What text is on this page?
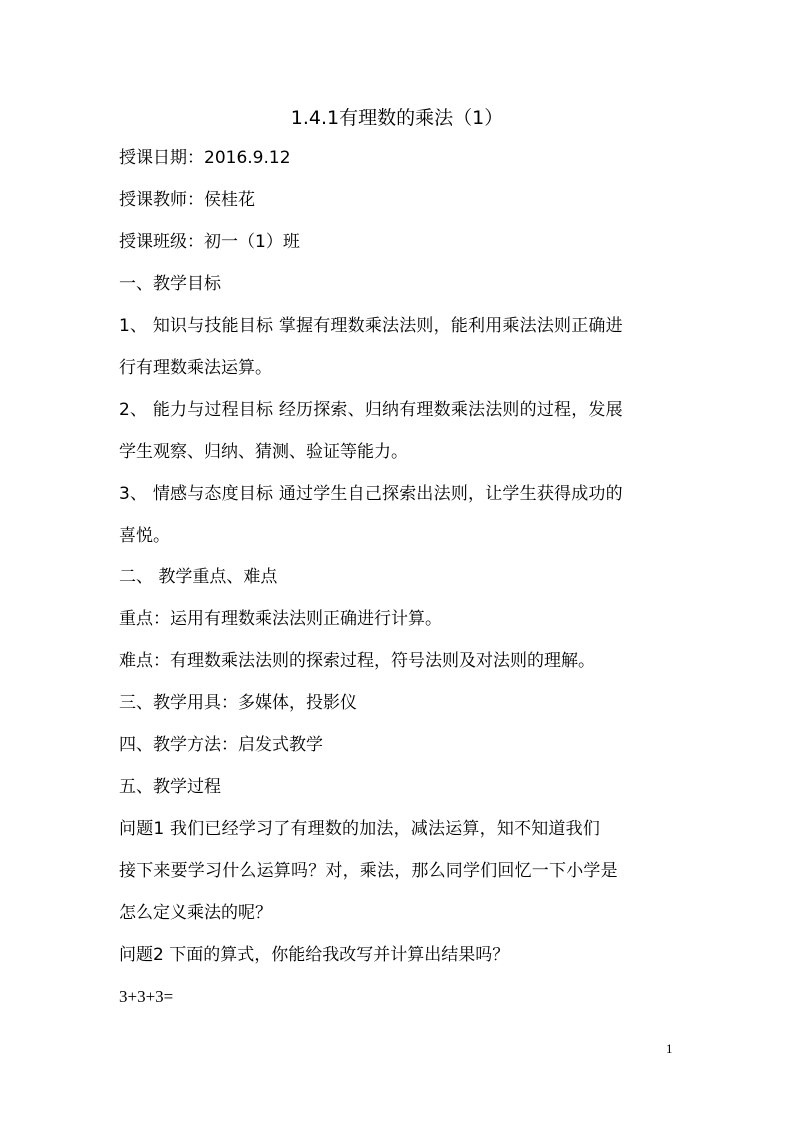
1.4.1有理数的乘法（1）
授课日期：2016.9.12
授课教师：侯桂花
授课班级：初一（1）班
一、教学目标
1、 知识与技能目标 掌握有理数乘法法则，能利用乘法法则正确进
行有理数乘法运算。
2、 能力与过程目标 经历探索、归纳有理数乘法法则的过程，发展
学生观察、归纳、猜测、验证等能力。
3、 情感与态度目标 通过学生自己探索出法则，让学生获得成功的
喜悦。
二、 教学重点、难点
重点：运用有理数乘法法则正确进行计算。
难点：有理数乘法法则的探索过程，符号法则及对法则的理解。
三、教学用具：多媒体，投影仪
四、教学方法：启发式教学
五、教学过程
问题1 我们已经学习了有理数的加法，减法运算，知不知道我们
接下来要学习什么运算吗？对，乘法，那么同学们回忆一下小学是
怎么定义乘法的呢？
问题2 下面的算式，你能给我改写并计算出结果吗？
3+3+3=
1
